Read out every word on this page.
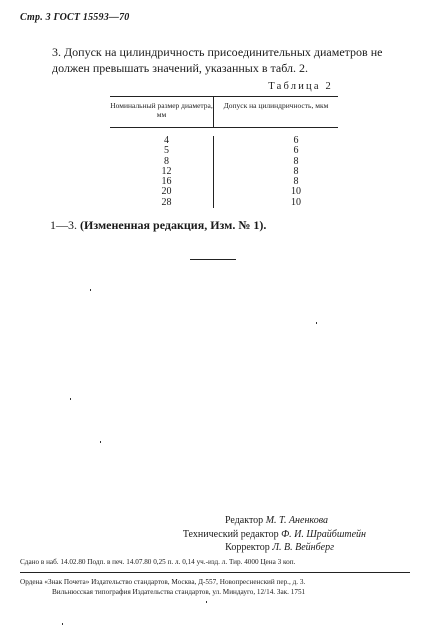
Стр. 3 ГОСТ 15593—70
3. Допуск на цилиндричность присоединительных диаметров не
должен превышать значений, указанных в табл. 2.
Таблица 2
Номинальный размер диаметра, мм
Допуск на цилиндричность, мкм
4
5
8
12
16
20
28
6
6
8
8
8
10
10
1—3. (Измененная редакция, Изм. № 1).
Редактор М. Т. Аненкова
Технический редактор Ф. И. Шрайбштейн
Корректор Л. В. Вейнберг
Сдано в наб. 14.02.80 Подп. в печ. 14.07.80 0,25 п. л. 0,14 уч.-изд. л. Тир. 4000 Цена 3 коп.
Ордена «Знак Почета» Издательство стандартов, Москва, Д-557, Новопресненский пер., д. 3.
Вильнюсская типография Издательства стандартов, ул. Миндауго, 12/14. Зак. 1751
